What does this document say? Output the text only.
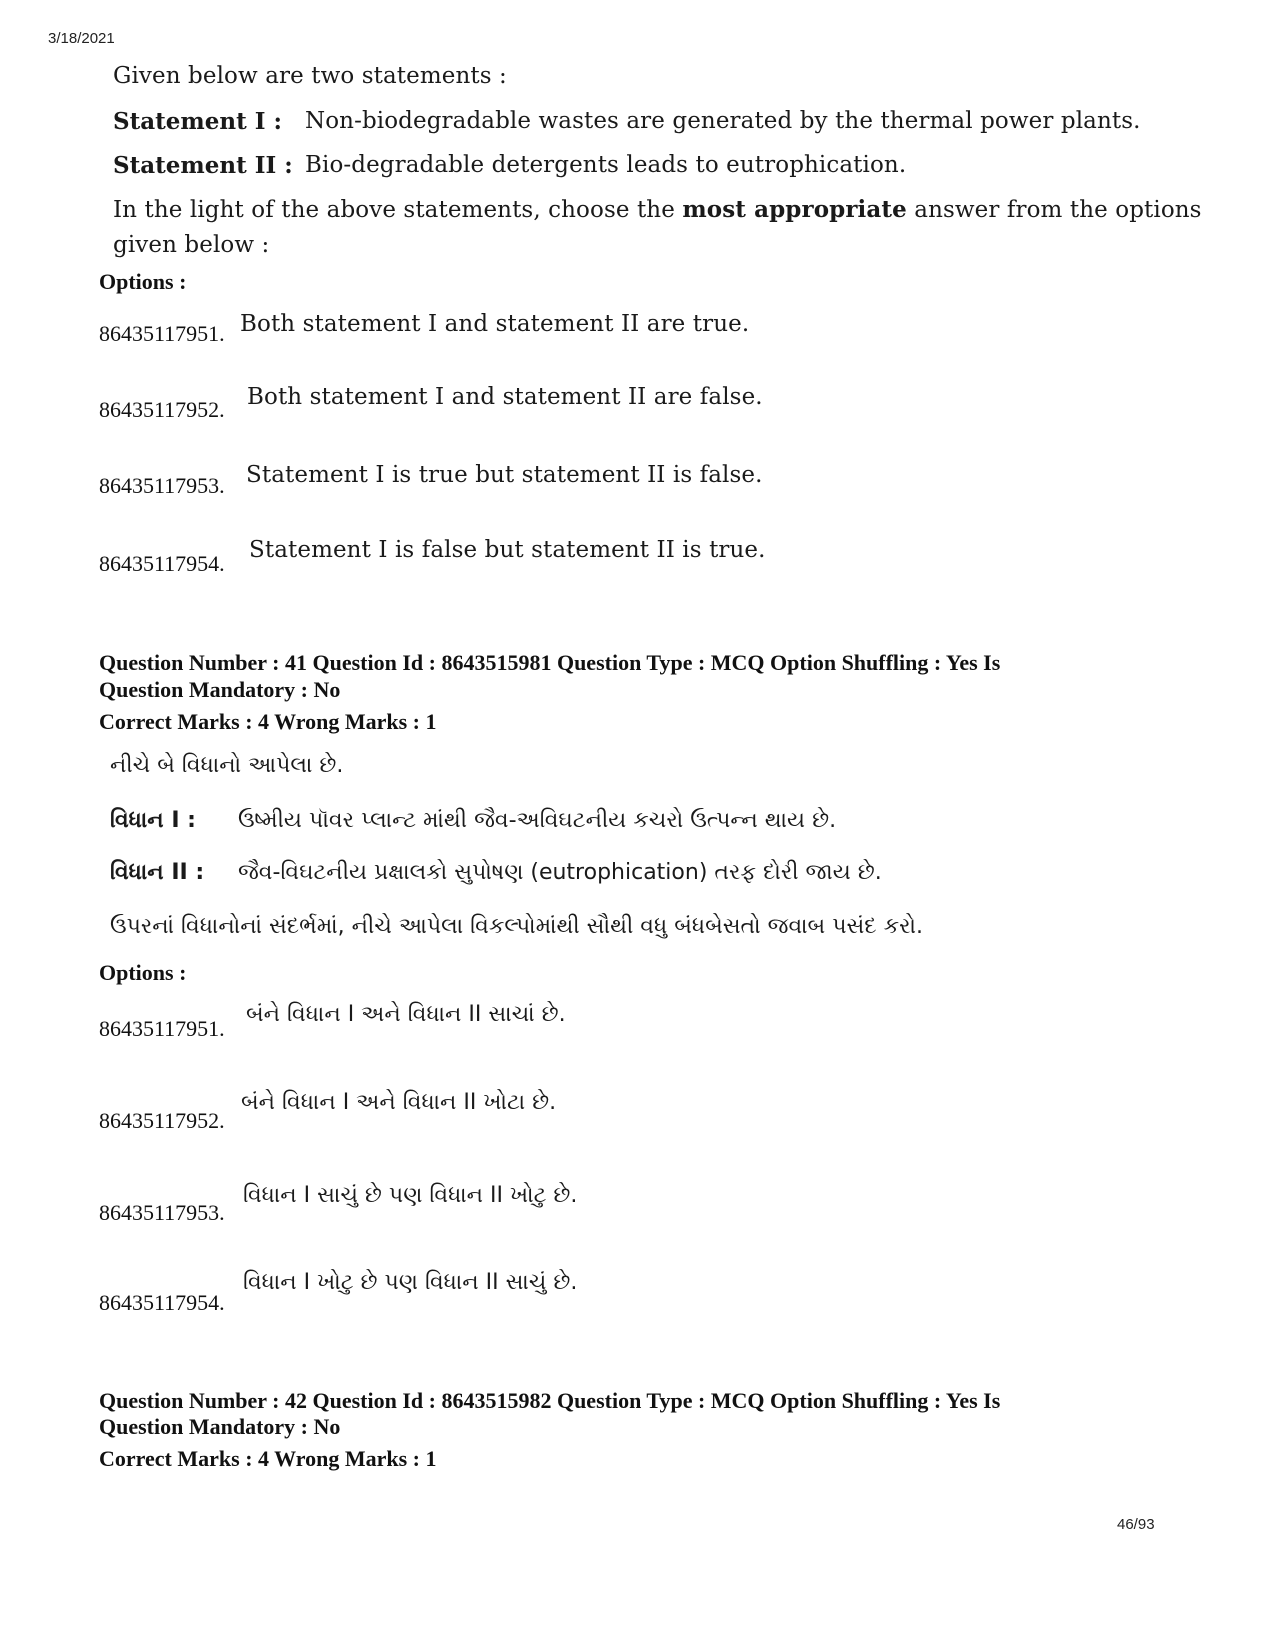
3/18/2021
Given below are two statements :
Statement I : Non-biodegradable wastes are generated by the thermal power plants.
Statement II : Bio-degradable detergents leads to eutrophication.
In the light of the above statements, choose the most appropriate answer from the options
given below :
Options :
86435117951. Both statement I and statement II are true.
86435117952. Both statement I and statement II are false.
86435117953. Statement I is true but statement II is false.
86435117954.
Statement I is false but statement II is true.
Question Number : 41 Question Id : 8643515981 Question Type : MCQ Option Shuffling : Yes Is
Question Mandatory : No
Correct Marks : 4 Wrong Marks : 1
નીચે બે વિધાનો આપેલા છે.
વિધાન I : ઉષ્મીય પૉવર પ્લાન્ટ માંથી જૈવ-અવિઘટનીય કચરો ઉત્પન્ન થાય છે.
વિધાન II : જૈવ-વિઘટનીય પ્રક્ષાલકો સુપોષણ (eutrophication) તરફ દોરી જાય છે.
ઉપરનાં વિધાનોનાં સંદર્ભમાં, નીચે આપેલા વિકલ્પોમાંથી સૌથી વધુ બંધબેસતો જવાબ પસંદ કરો.
Options :
86435117951.
બંને વિધાન I અને વિધાન II સાચાં છે.
86435117952.
બંને વિધાન I અને વિધાન II ખોટા છે.
86435117953.
વિધાન I સાચું છે પણ વિધાન II ખોટુ છે.
86435117954.
વિધાન I ખોટુ છે પણ વિધાન II સાચું છે.
Question Number : 42 Question Id : 8643515982 Question Type : MCQ Option Shuffling : Yes Is
Question Mandatory : No
Correct Marks : 4 Wrong Marks : 1
46/93
